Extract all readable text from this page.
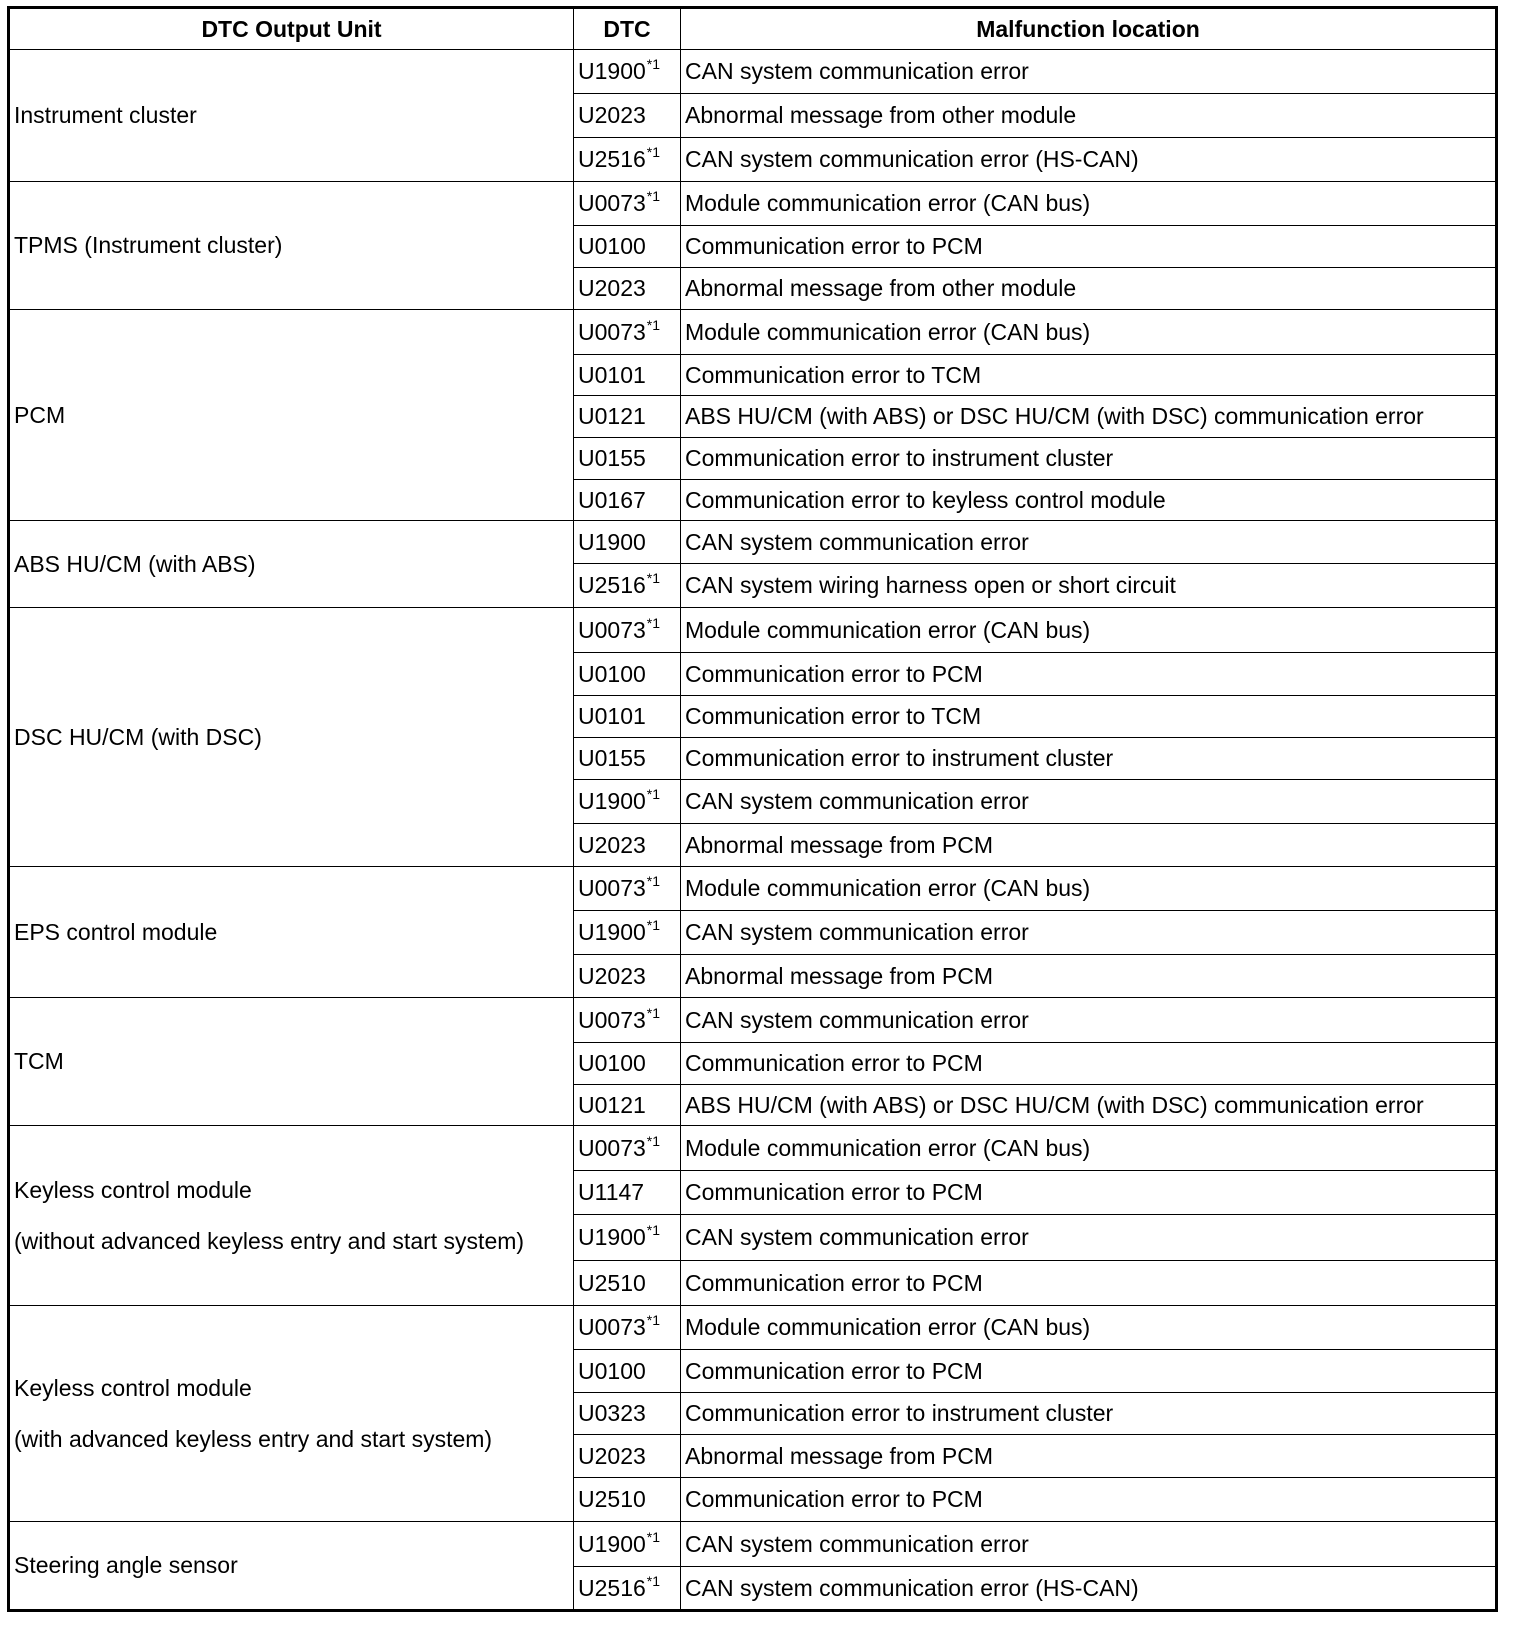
DTC Output Unit	DTC	Malfunction location

Instrument cluster	U1900$^{*1}$	CAN system communication error
	U2023	Abnormal message from other module
	U2516$^{*1}$	CAN system communication error (HS-CAN)

TPMS (Instrument cluster)	U0073$^{*1}$	Module communication error (CAN bus)
	U0100	Communication error to PCM
	U2023	Abnormal message from other module

PCM	U0073$^{*1}$	Module communication error (CAN bus)
	U0101	Communication error to TCM
	U0121	ABS HU/CM (with ABS) or DSC HU/CM (with DSC) communication error
	U0155	Communication error to instrument cluster
	U0167	Communication error to keyless control module

ABS HU/CM (with ABS)	U1900	CAN system communication error
	U2516$^{*1}$	CAN system wiring harness open or short circuit

DSC HU/CM (with DSC)	U0073$^{*1}$	Module communication error (CAN bus)
	U0100	Communication error to PCM
	U0101	Communication error to TCM
	U0155	Communication error to instrument cluster
	U1900$^{*1}$	CAN system communication error
	U2023	Abnormal message from PCM

EPS control module	U0073$^{*1}$	Module communication error (CAN bus)
	U1900$^{*1}$	CAN system communication error
	U2023	Abnormal message from PCM

TCM	U0073$^{*1}$	CAN system communication error
	U0100	Communication error to PCM
	U0121	ABS HU/CM (with ABS) or DSC HU/CM (with DSC) communication error

Keyless control module
(without advanced keyless entry and start system)	U0073$^{*1}$	Module communication error (CAN bus)
	U1147	Communication error to PCM
	U1900$^{*1}$	CAN system communication error
	U2510	Communication error to PCM

Keyless control module
(with advanced keyless entry and start system)	U0073$^{*1}$	Module communication error (CAN bus)
	U0100	Communication error to PCM
	U0323	Communication error to instrument cluster
	U2023	Abnormal message from PCM
	U2510	Communication error to PCM

Steering angle sensor	U1900$^{*1}$	CAN system communication error
	U2516$^{*1}$	CAN system communication error (HS-CAN)
